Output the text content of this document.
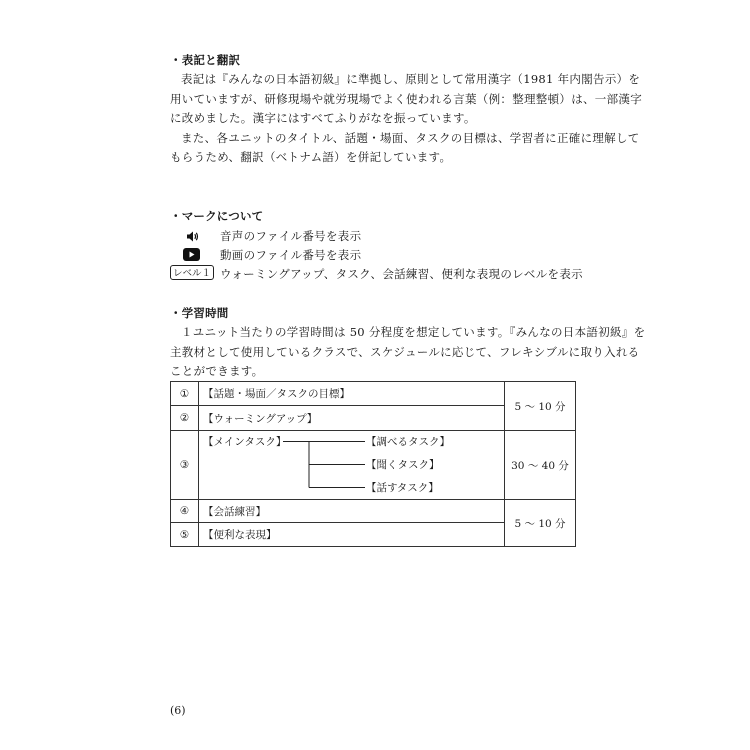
・表記と翻訳
表記は『みんなの日本語初級』に準拠し、原則として常用漢字（1981 年内閣告示）を
用いていますが、研修現場や就労現場でよく使われる言葉（例：整理整頓）は、一部漢字
に改めました。漢字にはすべてふりがなを振っています。
また、各ユニットのタイトル、話題・場面、タスクの目標は、学習者に正確に理解して
もらうため、翻訳（ベトナム語）を併記しています。
・マークについて
音声のファイル番号を表示
動画のファイル番号を表示
レベル１ ウォーミングアップ、タスク、会話練習、便利な表現のレベルを表示
・学習時間
１ユニット当たりの学習時間は 50 分程度を想定しています。『みんなの日本語初級』を
主教材として使用しているクラスで、スケジュールに応じて、フレキシブルに取り入れる
ことができます。
①	【話題・場面／タスクの目標】	5 〜 10 分
②	【ウォーミングアップ】	
③	【メインタスク】 【調べるタスク】
【聞くタスク】
【話すタスク】	30 〜 40 分
④	【会話練習】	5 〜 10 分
⑤	【便利な表現】	
(6)
